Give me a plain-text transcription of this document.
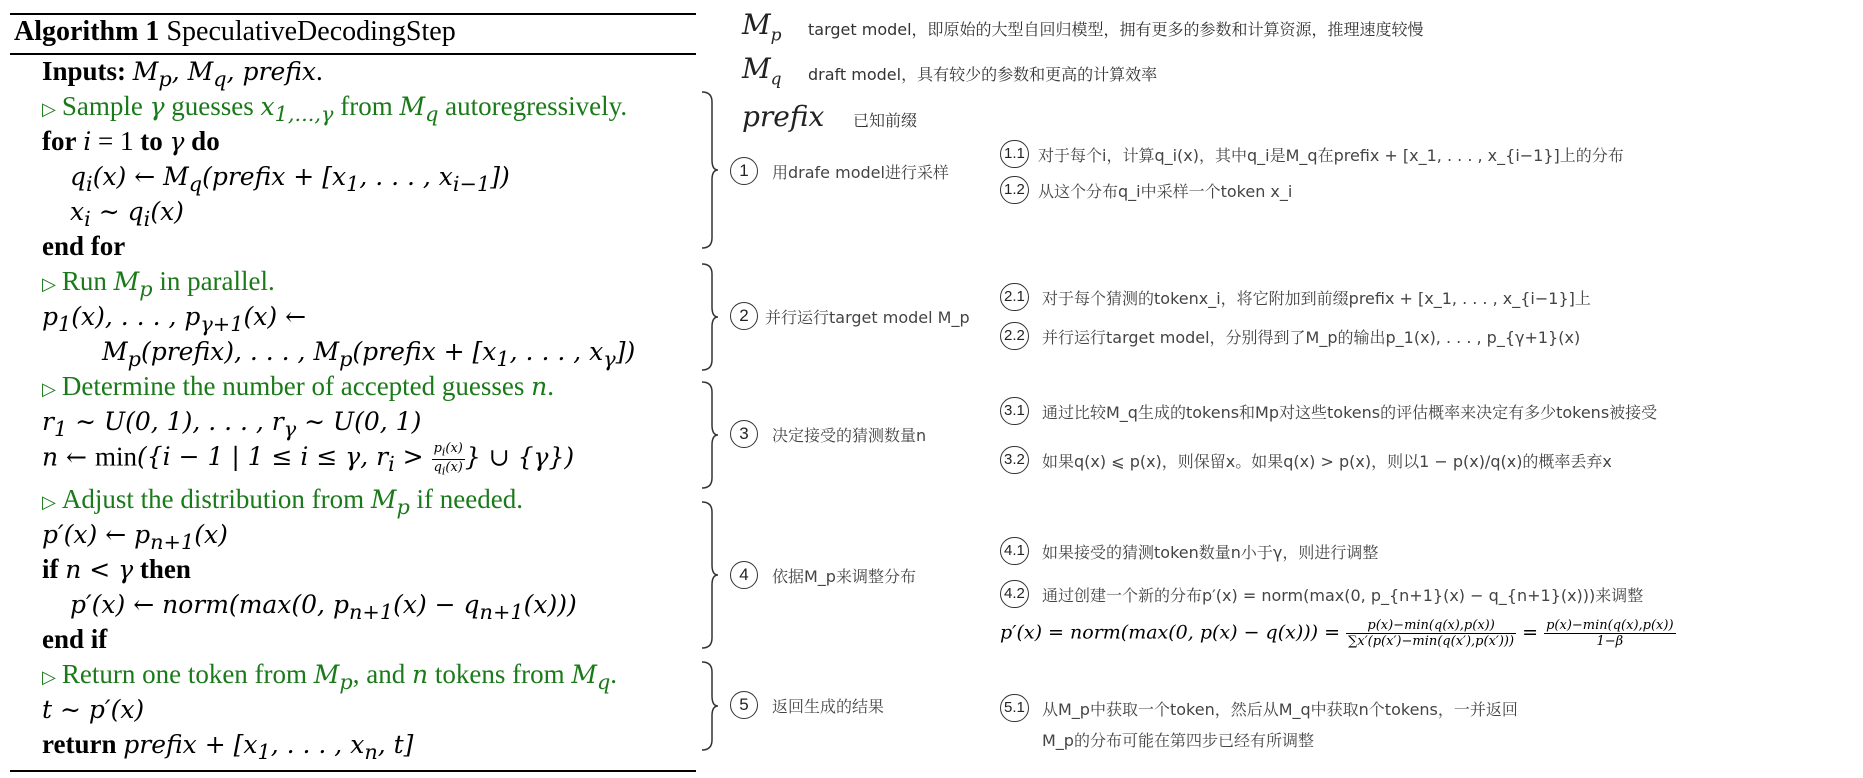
Algorithm 1 SpeculativeDecodingStep
Inputs: $M_p$, $M_q$, prefix.
▷ Sample γ guesses $x_{1,...,\gamma}$ from $M_q$ autoregressively.
for i = 1 to γ do
$q_i(x)$ ← $M_q(prefix + [x_1$, . . . , $x_{i-1}$])
$x_i$ ∼ $q_i(x)$
end for
▷ Run $M_p$ in parallel.
$p_1(x)$, . . . , $p_{\gamma+1}(x)$ ←
$M_p(prefix)$, . . . , $M_p(prefix + [x_1$, . . . , $x_\gamma$])
▷ Determine the number of accepted guesses n.
$r_1$ ∼ U(0, 1), . . . , $r_\gamma$ ∼ U(0, 1)
n ← min({i − 1 | 1 ≤ i ≤ γ, $r_i > \frac{p_i(x)}{q_i(x)}$ } ∪ {γ})
▷ Adjust the distribution from $M_p$ if needed.
p′(x) ← $p_{n+1}(x)$
if n < γ then
p′(x) ← norm(max(0, $p_{n+1}(x) - q_{n+1}(x)$))
end if
▷ Return one token from $M_p$, and n tokens from $M_q$.
t ∼ p′(x)
return prefix + [$x_1$, . . . , $x_n$, t]
$M_p$ target model，即原始的大型自回归模型，拥有更多的参数和计算资源，推理速度较慢
$M_q$ draft model，具有较少的参数和更高的计算效率
prefix 已知前缀
1	用drafe model进行采样
1.1 对于每个i，计算q_i(x)，其中q_i是M_q在prefix + [x_1, . . . , x_{i−1}]上的分布
1.2 从这个分布q_i中采样一个token x_i
2	并行运行target model M_p
2.1 对于每个猜测的tokenx_i，将它附加到前缀prefix + [x_1, . . . , x_{i−1}]上
2.2 并行运行target model，分别得到了M_p的输出p_1(x), . . . , p_{γ+1}(x)
3	决定接受的猜测数量n
3.1 通过比较M_q生成的tokens和Mp对这些tokens的评估概率来决定有多少tokens被接受
3.2 如果q(x) ⩽ p(x)，则保留x。如果q(x) > p(x)，则以1 − p(x)/q(x)的概率丢弃x
4	依据M_p来调整分布
4.1 如果接受的猜测token数量n小于γ，则进行调整
4.2 通过创建一个新的分布p′(x) = norm(max(0, p_{n+1}(x) − q_{n+1}(x)))来调整
p′(x) = norm(max(0, $p(x) - q(x))) = \frac{p(x)-\min(q(x),p(x))}{\sum x'(p(x')-\min(q(x'),p(x')))} = \frac{p(x)-\min(q(x),p(x))}{1-\beta}$
5	返回生成的结果	5.1 从M_p中获取一个token，然后从M_q中获取n个tokens，一并返回
M_p的分布可能在第四步已经有所调整
